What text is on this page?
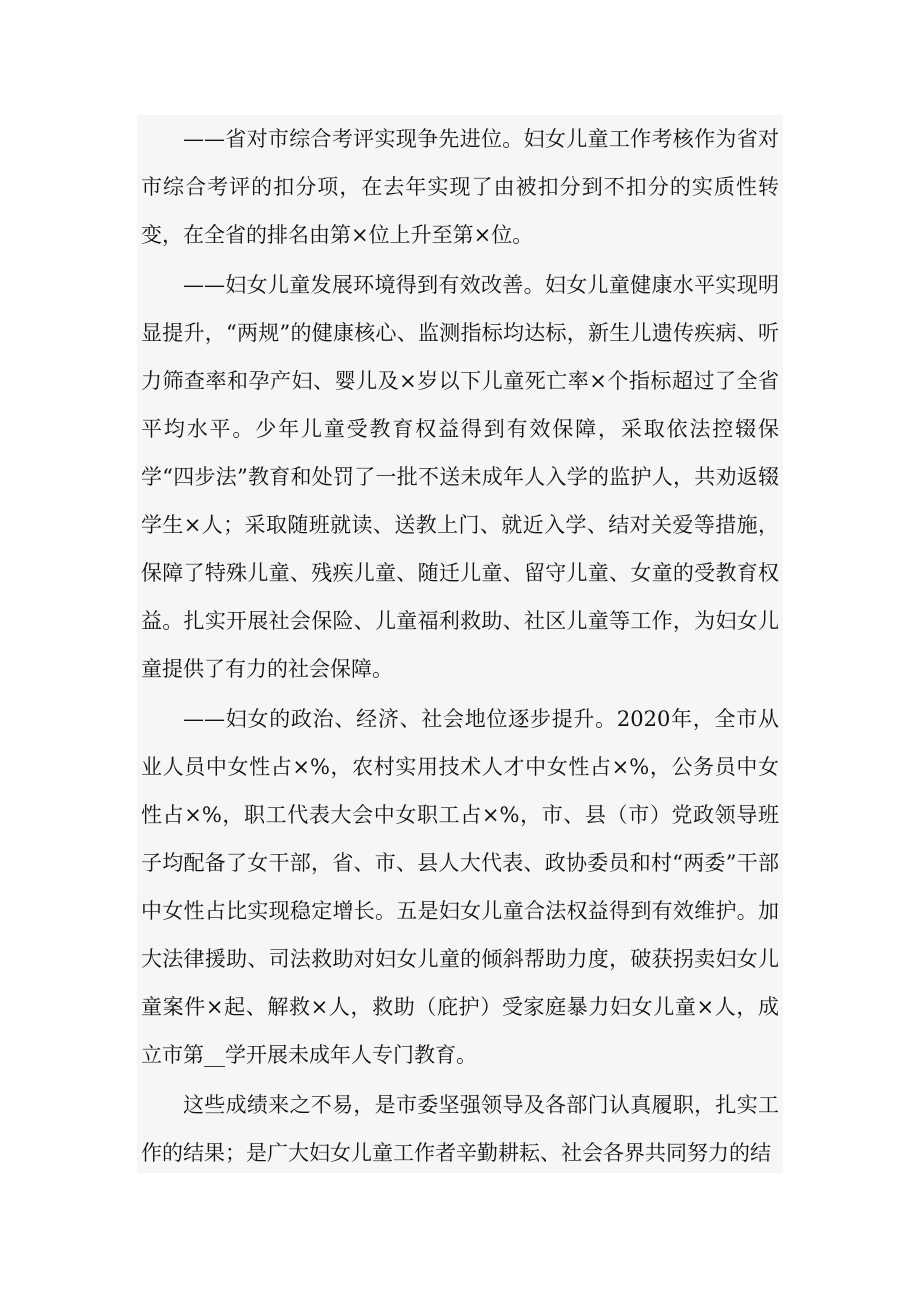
——省对市综合考评实现争先进位。妇女儿童工作考核作为省对市综合考评的扣分项，在去年实现了由被扣分到不扣分的实质性转变，在全省的排名由第×位上升至第×位。

——妇女儿童发展环境得到有效改善。妇女儿童健康水平实现明显提升，“两规”的健康核心、监测指标均达标，新生儿遗传疾病、听力筛查率和孕产妇、婴儿及×岁以下儿童死亡率×个指标超过了全省平均水平。少年儿童受教育权益得到有效保障，采取依法控辍保学“四步法”教育和处罚了一批不送未成年人入学的监护人，共劝返辍学生×人；采取随班就读、送教上门、就近入学、结对关爱等措施，保障了特殊儿童、残疾儿童、随迁儿童、留守儿童、女童的受教育权益。扎实开展社会保险、儿童福利救助、社区儿童等工作，为妇女儿童提供了有力的社会保障。

——妇女的政治、经济、社会地位逐步提升。2020年，全市从业人员中女性占×%，农村实用技术人才中女性占×%，公务员中女性占×%，职工代表大会中女职工占×%，市、县（市）党政领导班子均配备了女干部，省、市、县人大代表、政协委员和村“两委”干部中女性占比实现稳定增长。五是妇女儿童合法权益得到有效维护。加大法律援助、司法救助对妇女儿童的倾斜帮助力度，破获拐卖妇女儿童案件×起、解救×人，救助（庇护）受家庭暴力妇女儿童×人，成立市第__学开展未成年人专门教育。

这些成绩来之不易，是市委坚强领导及各部门认真履职，扎实工作的结果；是广大妇女儿童工作者辛勤耕耘、社会各界共同努力的结
